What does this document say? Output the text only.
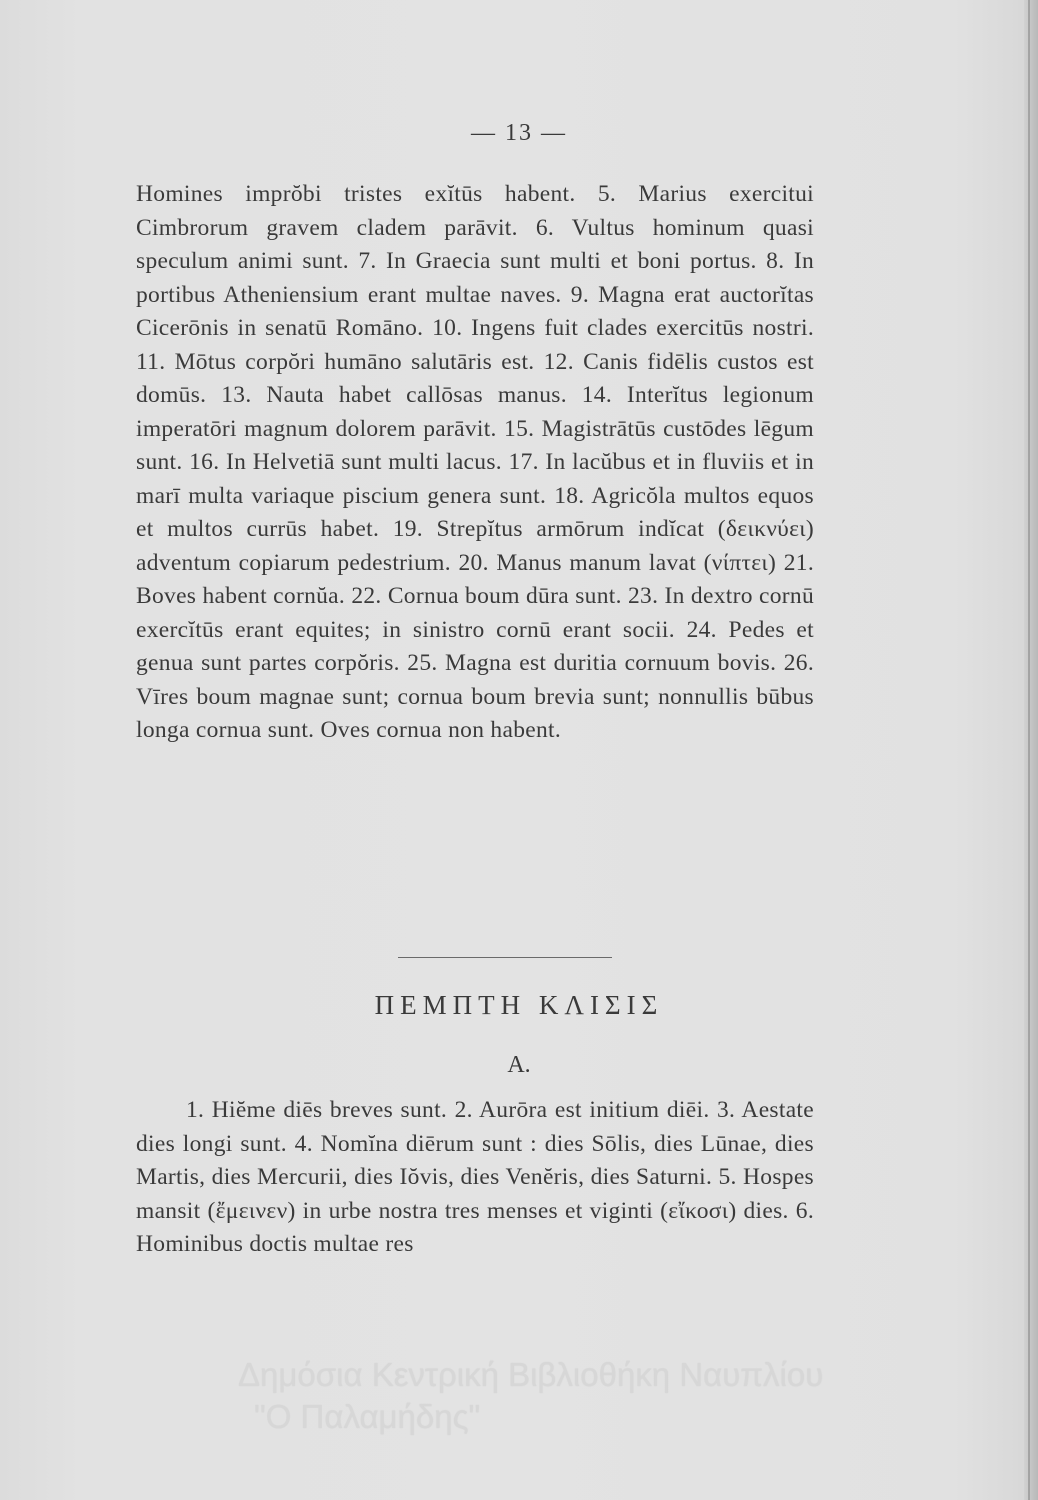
— 13 —
Homines imprŏbi tristes exĭtūs habent. 5. Marius exercitui Cimbrorum gravem cladem parāvit. 6. Vultus hominum quasi speculum animi sunt. 7. In Graecia sunt multi et boni portus. 8. In portibus Atheniensium erant multae naves. 9. Magna erat auctorĭtas Cicerōnis in senatū Romāno. 10. Ingens fuit clades exercitūs nostri. 11. Mōtus corpŏri humāno salutāris est. 12. Canis fidēlis custos est domūs. 13. Nauta habet callōsas manus. 14. Interĭtus legionum imperatōri magnum dolorem parāvit. 15. Magistrātūs custōdes lēgum sunt. 16. In Helvetiā sunt multi lacus. 17. In lacŭbus et in fluviis et in marī multa variaque piscium genera sunt. 18. Agricŏla multos equos et multos currūs habet. 19. Strepĭtus armōrum indĭcat (δεικνύει) adventum copiarum pedestrium. 20. Manus manum lavat (νίπτει) 21. Boves habent cornŭa. 22. Cornua boum dūra sunt. 23. In dextro cornū exercĭtūs erant equites; in sinistro cornū erant socii. 24. Pedes et genua sunt partes corpŏris. 25. Magna est duritia cornuum bovis. 26. Vīres boum magnae sunt; cornua boum brevia sunt; nonnullis būbus longa cornua sunt. Oves cornua non habent.
ΠΕΜΠΤΗ ΚΛΙΣΙΣ
A.
1. Hiĕme diēs breves sunt. 2. Aurōra est initium diēi. 3. Aestate dies longi sunt. 4. Nomĭna diērum sunt : dies Sōlis, dies Lūnae, dies Martis, dies Mercurii, dies Iŏvis, dies Venĕris, dies Saturni. 5. Hospes mansit (ἔμεινεν) in urbe nostra tres menses et viginti (εἴκοσι) dies. 6. Hominibus doctis multae res
Δημόσια Κεντρική Βιβλιοθήκη Ναυπλίου
"Ο Παλαμήδης"
